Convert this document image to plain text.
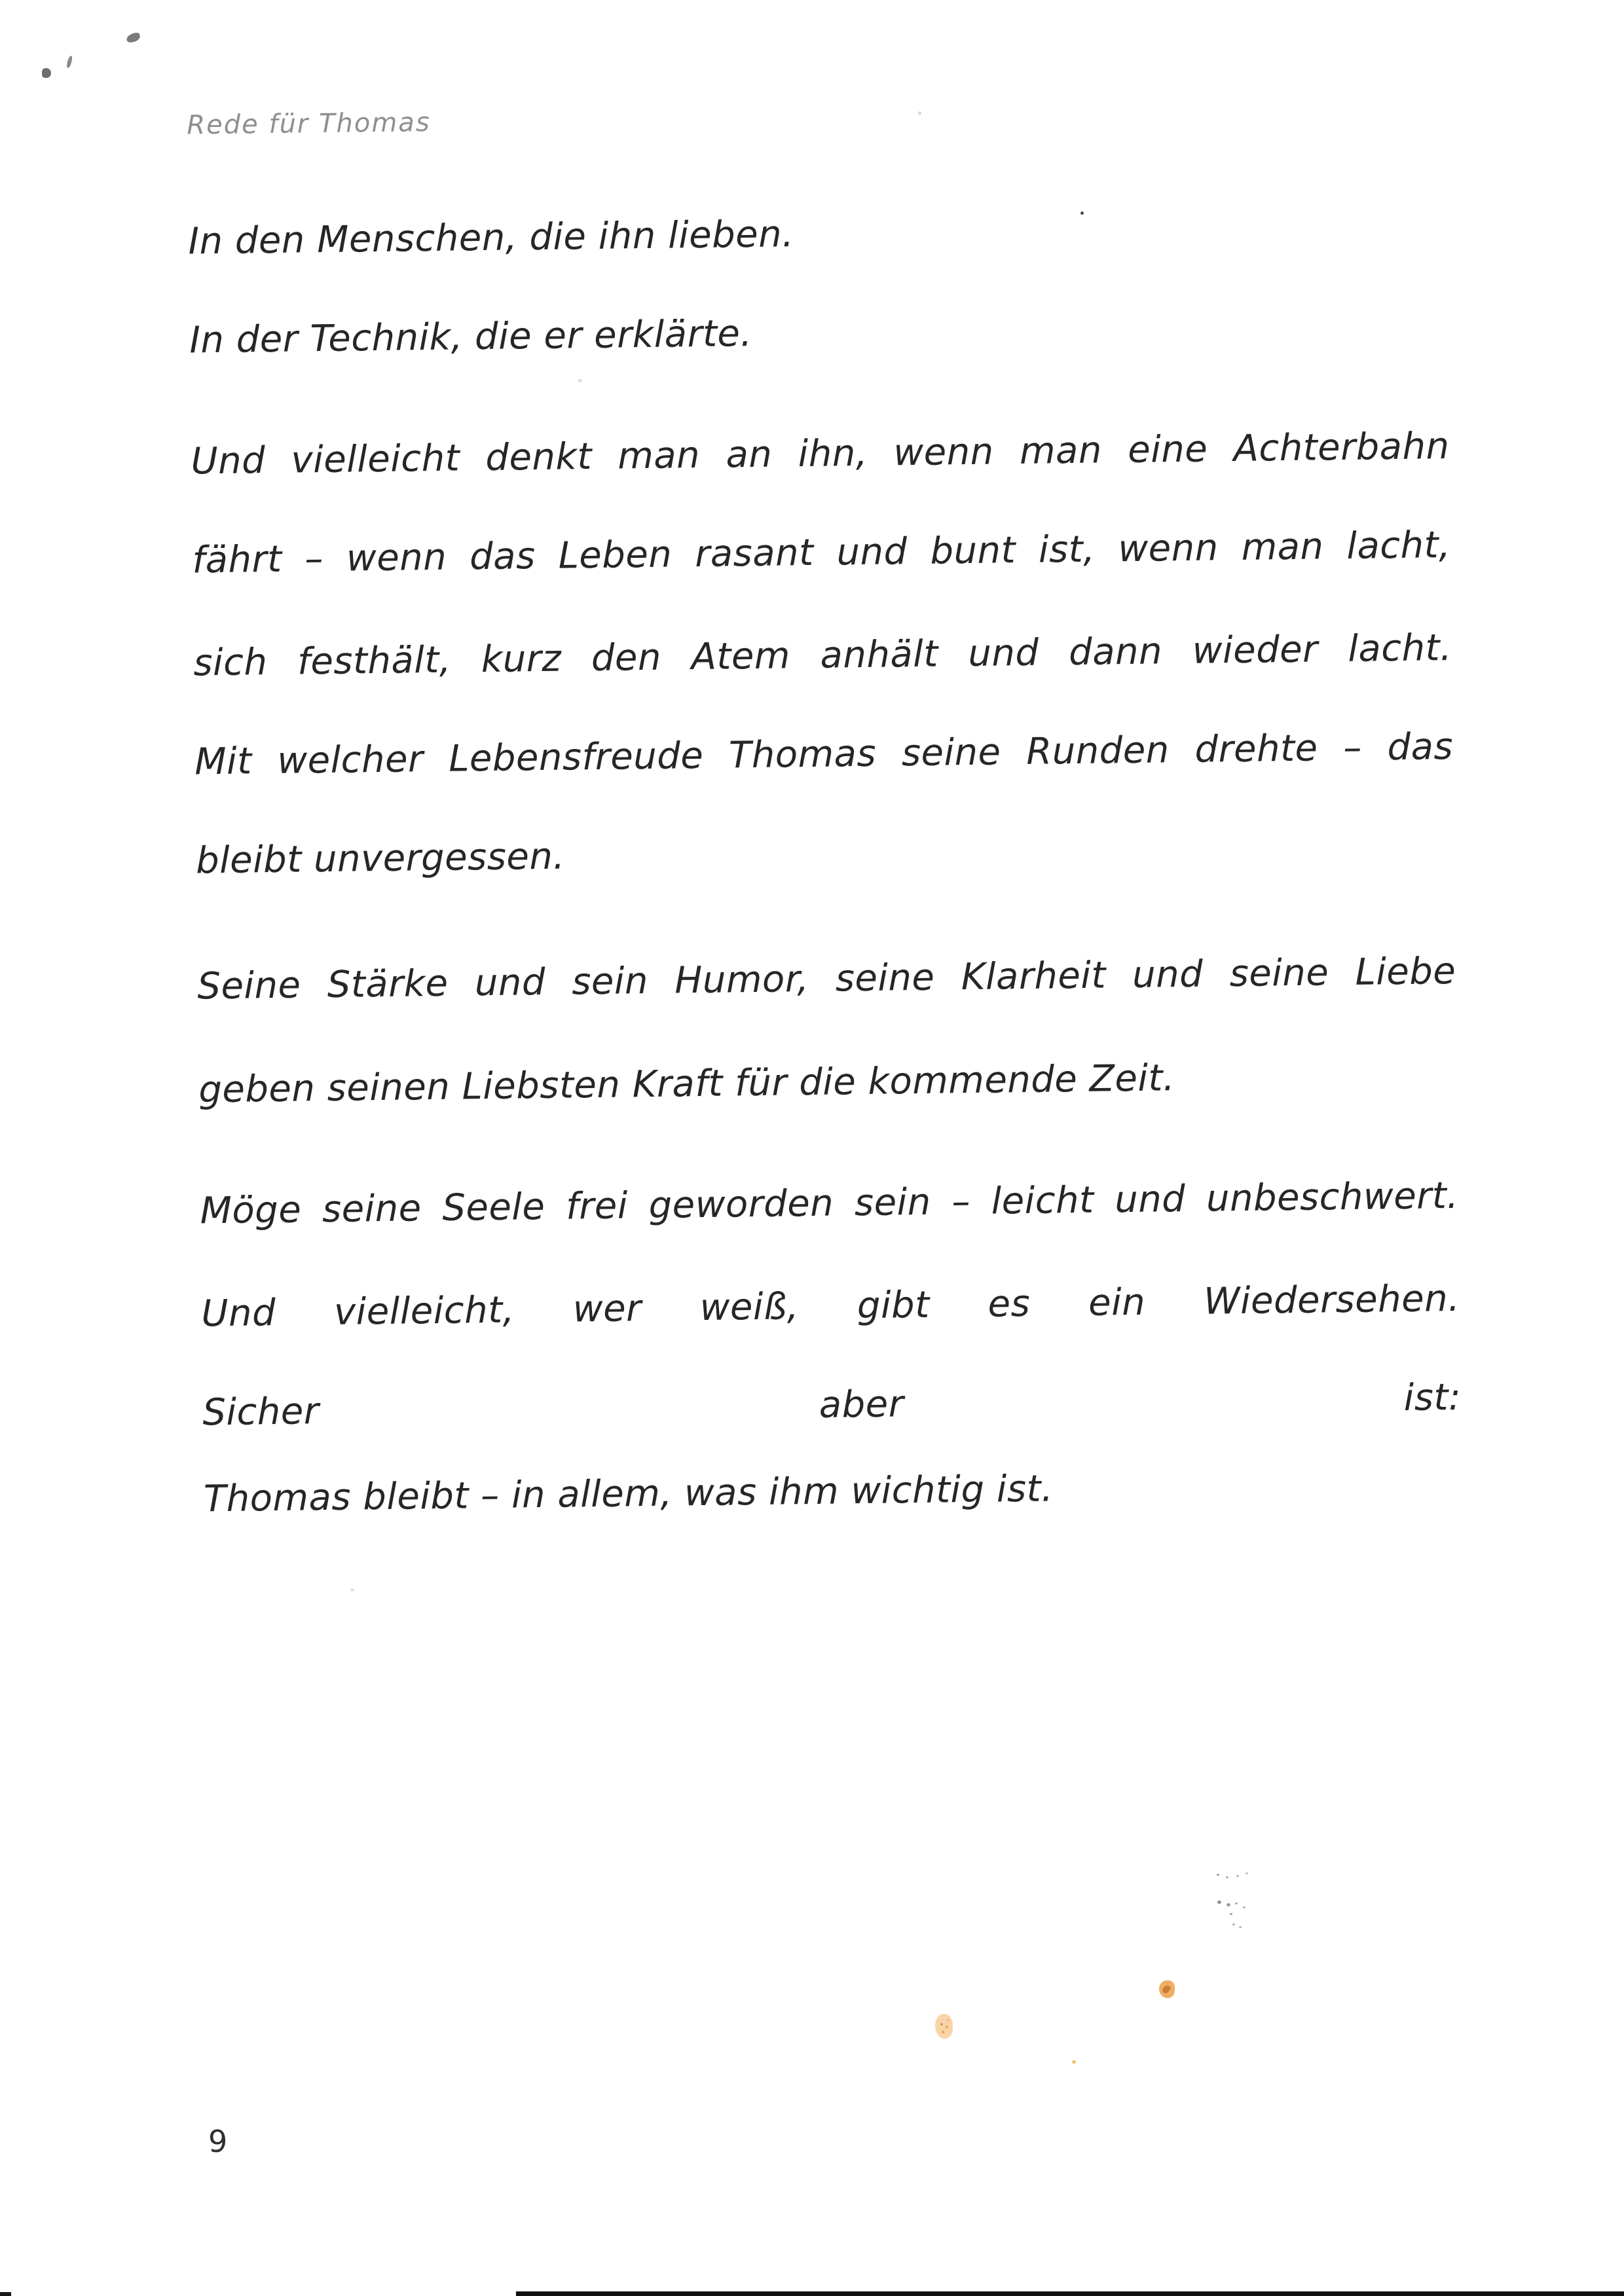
Rede für Thomas
In den Menschen, die ihn lieben.
In der Technik, die er erklärte.
Und vielleicht denkt man an ihn, wenn man eine Achterbahn
fährt – wenn das Leben rasant und bunt ist, wenn man lacht,
sich festhält, kurz den Atem anhält und dann wieder lacht.
Mit welcher Lebensfreude Thomas seine Runden drehte – das
bleibt unvergessen.
Seine Stärke und sein Humor, seine Klarheit und seine Liebe
geben seinen Liebsten Kraft für die kommende Zeit.
Möge seine Seele frei geworden sein – leicht und unbeschwert.
Und vielleicht, wer weiß, gibt es ein Wiedersehen.
Sicher aber ist:
Thomas bleibt – in allem, was ihm wichtig ist.
9
